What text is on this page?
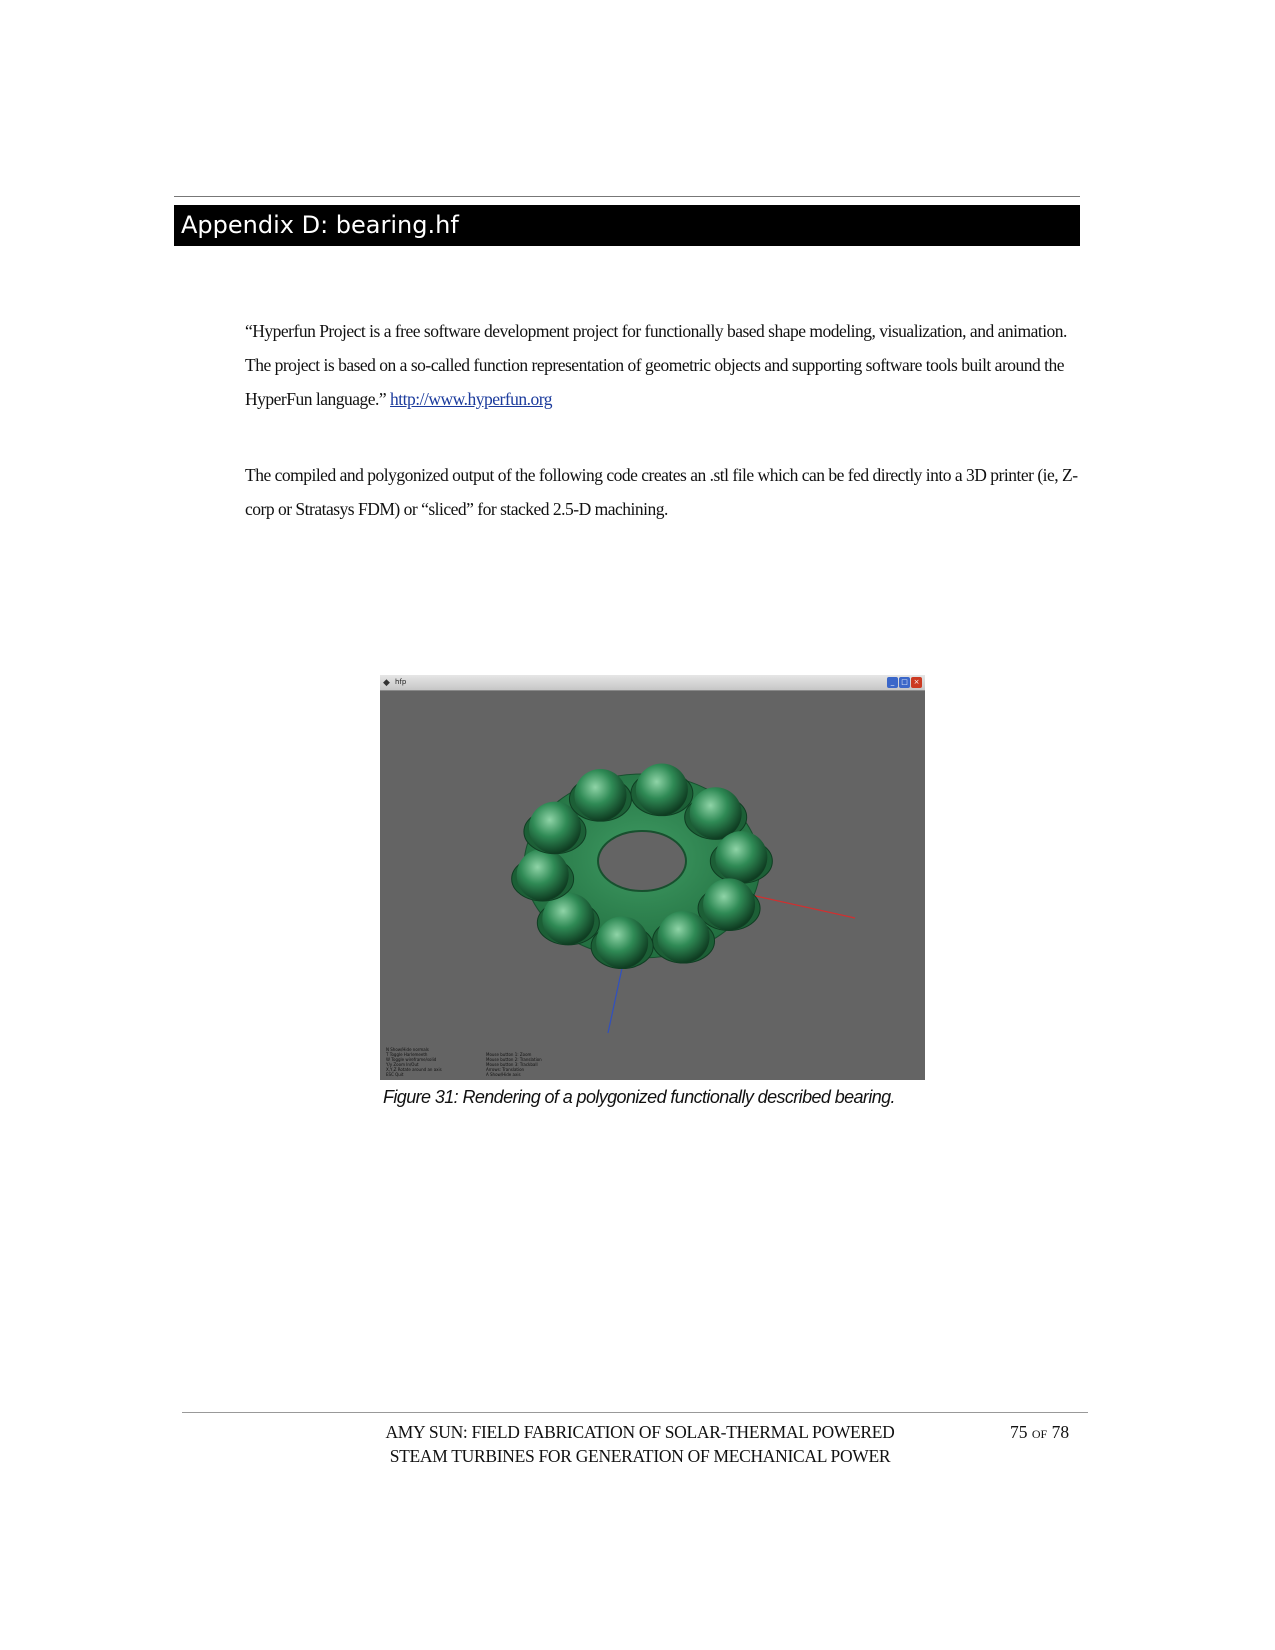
Appendix D: bearing.hf

“Hyperfun Project is a free software development project for functionally based shape modeling, visualization, and animation. The project is based on a so-called function representation of geometric objects and supporting software tools built around the HyperFun language.” http://www.hyperfun.org

The compiled and polygonized output of the following code creates an .stl file which can be fed directly into a 3D printer (ie, Z-corp or Stratasys FDM) or “sliced” for stacked 2.5-D machining.

◆ hfp	_ □ ×
N Show/Hide normals
T Toggle Harlemeeth
W Toggle wireframe/solid
Y/y Zoom In/Out
X,Y,Z Rotate around an axis
ESC Quit
Mouse button 1: Zoom
Mouse button 2: Translation
Mouse button 3: Trackball
Arrows: Translation
A Show/Hide axis

Figure 31: Rendering of a polygonized functionally described bearing.

AMY SUN: FIELD FABRICATION OF SOLAR-THERMAL POWERED
STEAM TURBINES FOR GENERATION OF MECHANICAL POWER
75 OF 78
